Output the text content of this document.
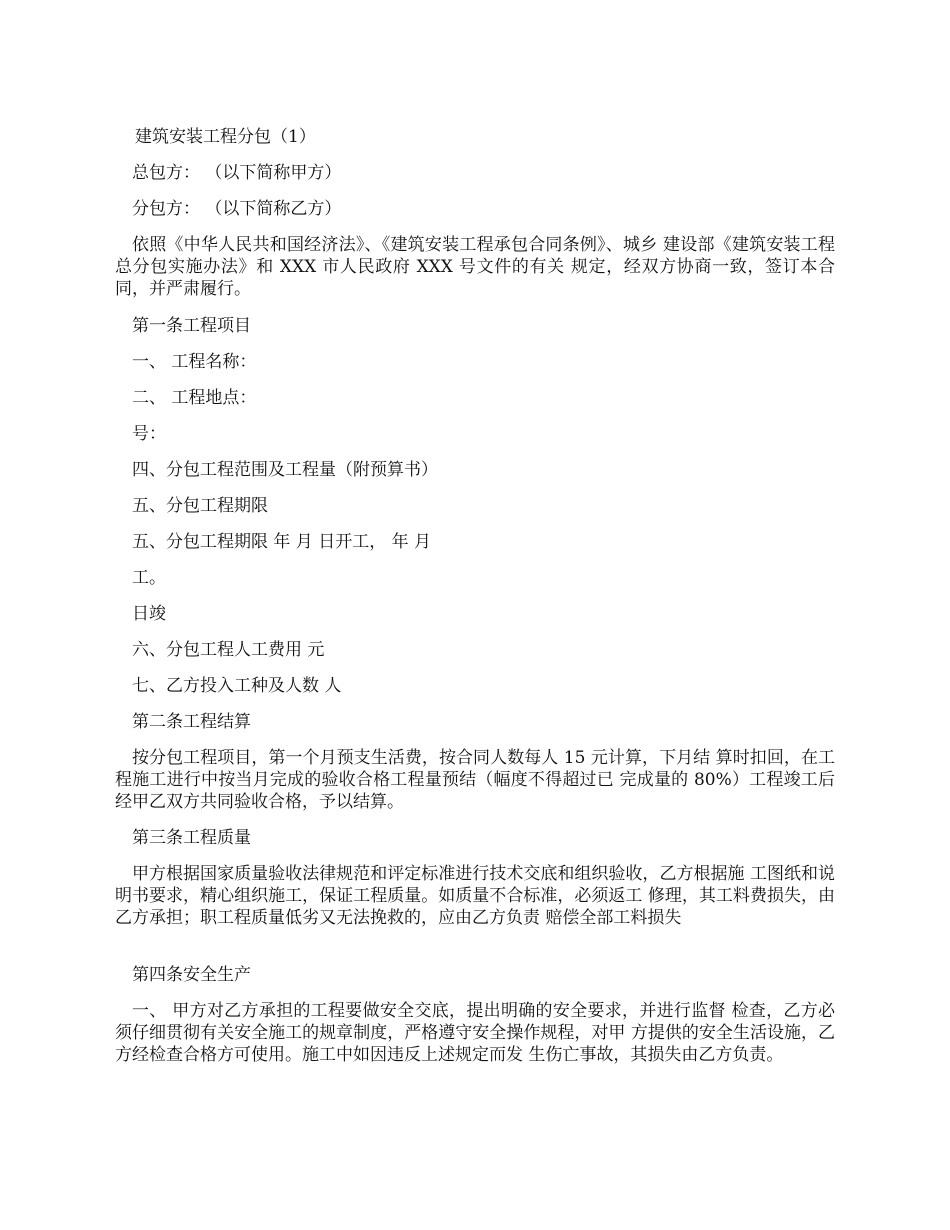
建筑安装工程分包（1）

总包方： （以下简称甲方）

分包方： （以下简称乙方）

依照《中华人民共和国经济法》、《建筑安装工程承包合同条例》、城乡 建设部《建筑安装工程总分包实施办法》和 XXX 市人民政府 XXX 号文件的有关 规定，经双方协商一致，签订本合同，并严肃履行。

第一条工程项目

一、 工程名称：

二、 工程地点：

号：

四、分包工程范围及工程量（附预算书）

五、分包工程期限

五、分包工程期限 年 月 日开工， 年 月

工。

日竣

六、分包工程人工费用 元

七、乙方投入工种及人数 人

第二条工程结算

按分包工程项目，第一个月预支生活费，按合同人数每人 15 元计算，下月结 算时扣回，在工程施工进行中按当月完成的验收合格工程量预结（幅度不得超过已 完成量的 80%）工程竣工后经甲乙双方共同验收合格，予以结算。

第三条工程质量

甲方根据国家质量验收法律规范和评定标准进行技术交底和组织验收，乙方根据施 工图纸和说明书要求，精心组织施工，保证工程质量。如质量不合标准，必须返工 修理，其工料费损失，由乙方承担；职工程质量低劣又无法挽救的，应由乙方负责 赔偿全部工料损失

第四条安全生产

一、 甲方对乙方承担的工程要做安全交底，提出明确的安全要求，并进行监督 检查，乙方必须仔细贯彻有关安全施工的规章制度，严格遵守安全操作规程，对甲 方提供的安全生活设施，乙方经检查合格方可使用。施工中如因违反上述规定而发 生伤亡事故，其损失由乙方负责。
